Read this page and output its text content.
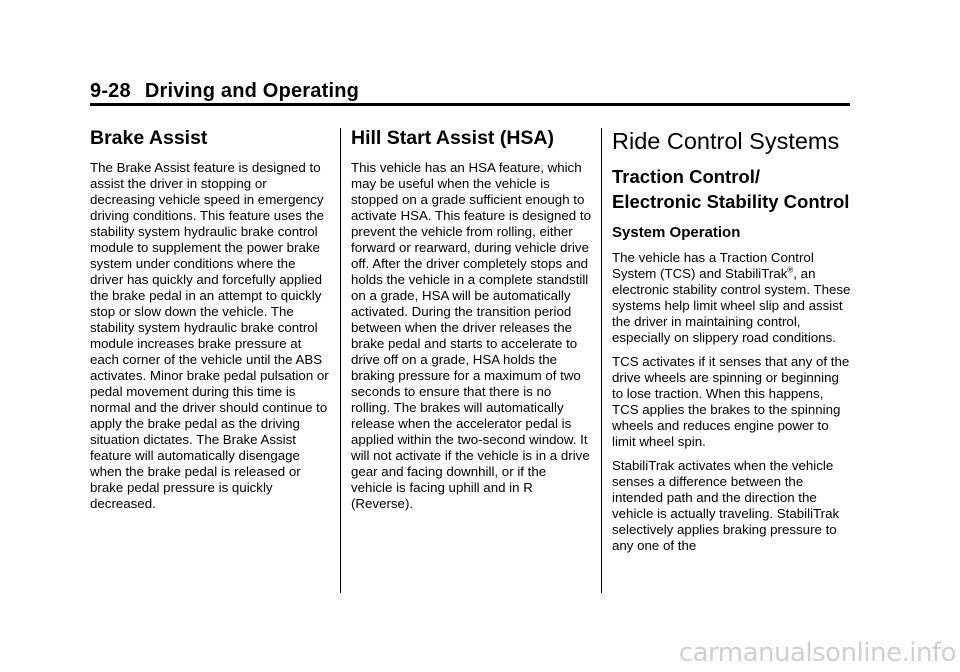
9-28 Driving and Operating
Brake Assist

The Brake Assist feature is designed to assist the driver in stopping or decreasing vehicle speed in emergency driving conditions. This feature uses the stability system hydraulic brake control module to supplement the power brake system under conditions where the driver has quickly and forcefully applied the brake pedal in an attempt to quickly stop or slow down the vehicle. The stability system hydraulic brake control module increases brake pressure at each corner of the vehicle until the ABS activates. Minor brake pedal pulsation or pedal movement during this time is normal and the driver should continue to apply the brake pedal as the driving situation dictates. The Brake Assist feature will automatically disengage when the brake pedal is released or brake pedal pressure is quickly decreased.

Hill Start Assist (HSA)

This vehicle has an HSA feature, which may be useful when the vehicle is stopped on a grade sufficient enough to activate HSA. This feature is designed to prevent the vehicle from rolling, either forward or rearward, during vehicle drive off. After the driver completely stops and holds the vehicle in a complete standstill on a grade, HSA will be automatically activated. During the transition period between when the driver releases the brake pedal and starts to accelerate to drive off on a grade, HSA holds the braking pressure for a maximum of two seconds to ensure that there is no rolling. The brakes will automatically release when the accelerator pedal is applied within the two-second window. It will not activate if the vehicle is in a drive gear and facing downhill, or if the vehicle is facing uphill and in R (Reverse).

Ride Control Systems
Traction Control/ Electronic Stability Control
System Operation

The vehicle has a Traction Control System (TCS) and StabiliTrak®, an electronic stability control system. These systems help limit wheel slip and assist the driver in maintaining control, especially on slippery road conditions.

TCS activates if it senses that any of the drive wheels are spinning or beginning to lose traction. When this happens, TCS applies the brakes to the spinning wheels and reduces engine power to limit wheel spin.

StabiliTrak activates when the vehicle senses a difference between the intended path and the direction the vehicle is actually traveling. StabiliTrak selectively applies braking pressure to any one of the

carmanualsonline.info
